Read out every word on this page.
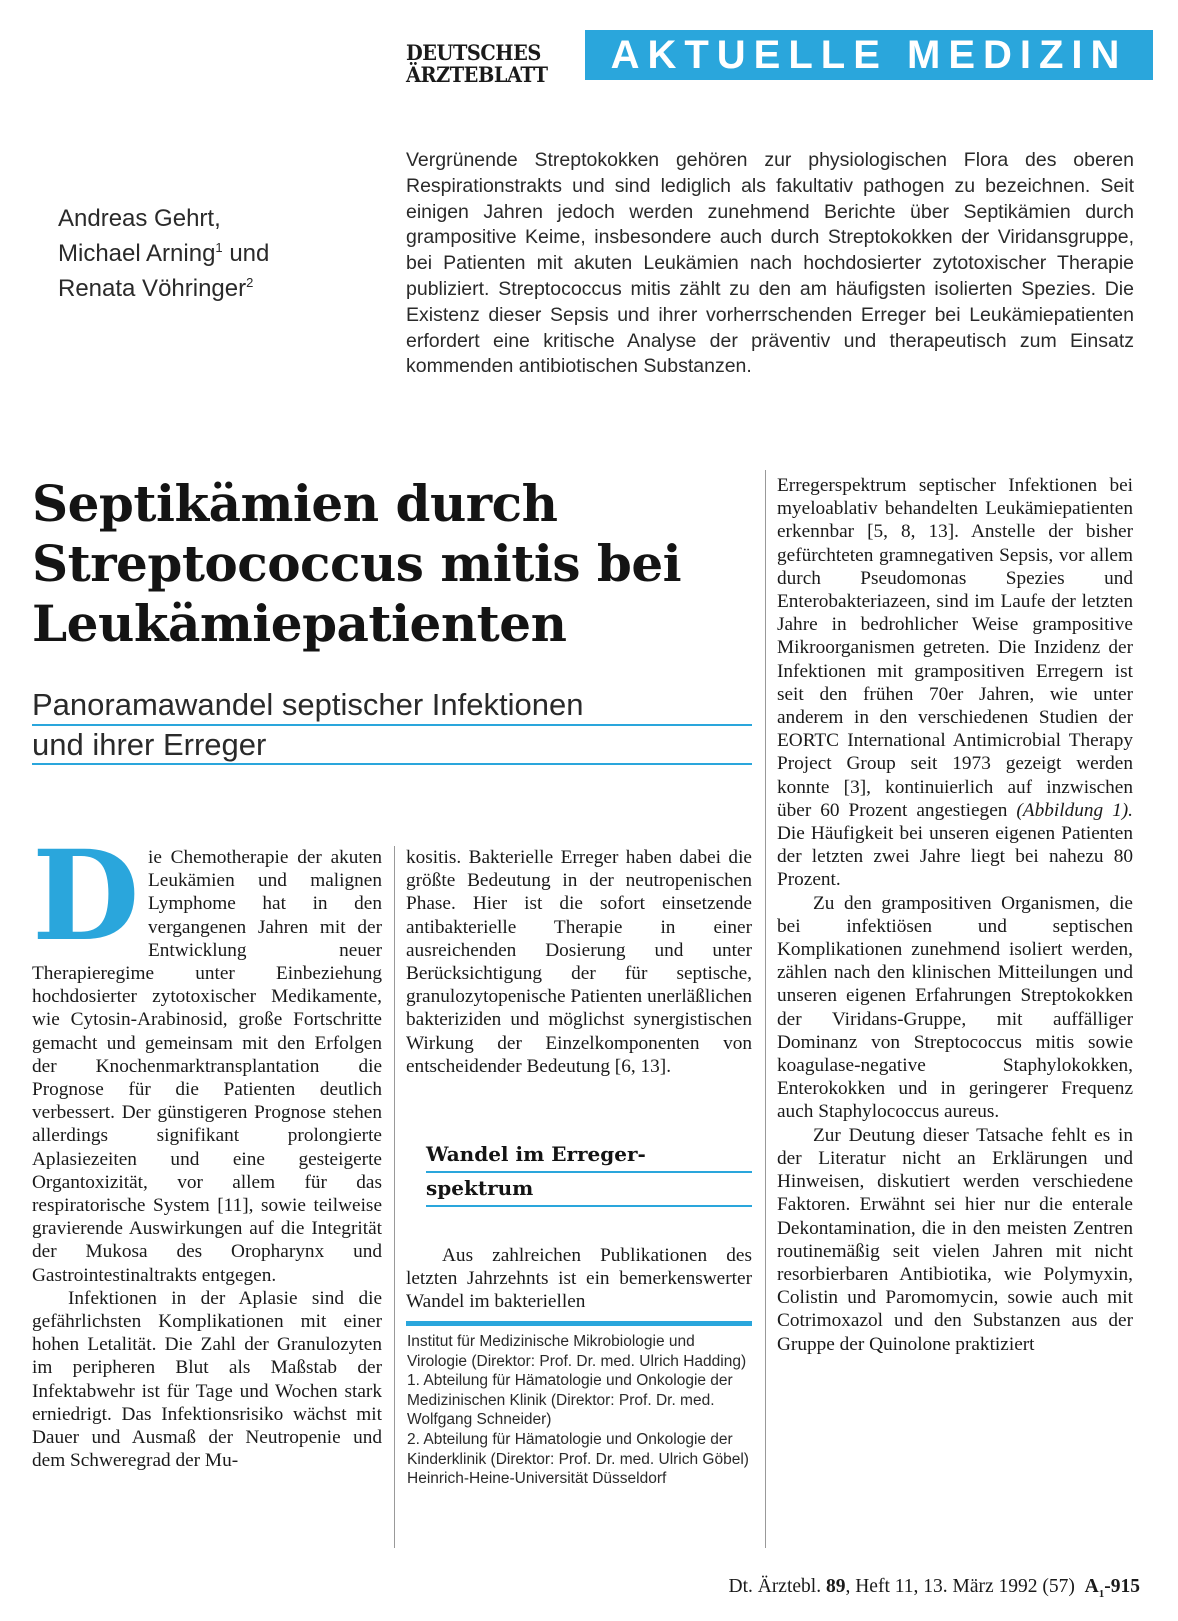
DEUTSCHES
ÄRZTEBLATT	AKTUELLE MEDIZIN
Andreas Gehrt,
Michael Arning$^1$ und
Renata Vöhringer$^2$
Vergrünende Streptokokken gehören zur physiologischen Flora des oberen Respirationstrakts und sind lediglich als fakultativ pathogen zu bezeichnen. Seit einigen Jahren jedoch werden zunehmend Berichte über Septikämien durch grampositive Keime, insbesondere auch durch Streptokokken der Viridansgruppe, bei Patienten mit akuten Leukämien nach hochdosierter zytotoxischer Therapie publiziert. Streptococcus mitis zählt zu den am häufigsten isolierten Spezies. Die Existenz dieser Sepsis und ihrer vorherrschenden Erreger bei Leukämiepatienten erfordert eine kritische Analyse der präventiv und therapeutisch zum Einsatz kommenden antibiotischen Substanzen.
Septikämien durch
Streptococcus mitis bei
Leukämiepatienten
Panoramawandel septischer Infektionen
und ihrer Erreger

Die Chemotherapie der akuten Leukämien und malignen Lymphome hat in den vergangenen Jahren mit der Entwicklung neuer Therapieregime unter Einbeziehung hochdosierter zytotoxischer Medikamente, wie Cytosin-Arabinosid, große Fortschritte gemacht und gemeinsam mit den Erfolgen der Knochenmarktransplantation die Prognose für die Patienten deutlich verbessert. Der günstigeren Prognose stehen allerdings signifikant prolongierte Aplasiezeiten und eine gesteigerte Organtoxizität, vor allem für das respiratorische System [11], sowie teilweise gravierende Auswirkungen auf die Integrität der Mukosa des Oropharynx und Gastrointestinaltrakts entgegen.

Infektionen in der Aplasie sind die gefährlichsten Komplikationen mit einer hohen Letalität. Die Zahl der Granulozyten im peripheren Blut als Maßstab der Infektabwehr ist für Tage und Wochen stark erniedrigt. Das Infektionsrisiko wächst mit Dauer und Ausmaß der Neutropenie und dem Schweregrad der Mu-

kositis. Bakterielle Erreger haben dabei die größte Bedeutung in der neutropenischen Phase. Hier ist die sofort einsetzende antibakterielle Therapie in einer ausreichenden Dosierung und unter Berücksichtigung der für septische, granulozytopenische Patienten unerläßlichen bakteriziden und möglichst synergistischen Wirkung der Einzelkomponenten von entscheidender Bedeutung [6, 13].

Wandel im Erreger-
spektrum
Aus zahlreichen Publikationen des letzten Jahrzehnts ist ein bemerkenswerter Wandel im bakteriellen

Institut für Medizinische Mikrobiologie und Virologie (Direktor: Prof. Dr. med. Ulrich Hadding)

1. Abteilung für Hämatologie und Onkologie der Medizinischen Klinik (Direktor: Prof. Dr. med. Wolfgang Schneider)

2. Abteilung für Hämatologie und Onkologie der Kinderklinik (Direktor: Prof. Dr. med. Ulrich Göbel)

Heinrich-Heine-Universität Düsseldorf

Erregerspektrum septischer Infektionen bei myeloablativ behandelten Leukämiepatienten erkennbar [5, 8, 13]. Anstelle der bisher gefürchteten gramnegativen Sepsis, vor allem durch Pseudomonas Spezies und Enterobakteriazeen, sind im Laufe der letzten Jahre in bedrohlicher Weise grampositive Mikroorganismen getreten. Die Inzidenz der Infektionen mit grampositiven Erregern ist seit den frühen 70er Jahren, wie unter anderem in den verschiedenen Studien der EORTC International Antimicrobial Therapy Project Group seit 1973 gezeigt werden konnte [3], kontinuierlich auf inzwischen über 60 Prozent angestiegen (Abbildung 1). Die Häufigkeit bei unseren eigenen Patienten der letzten zwei Jahre liegt bei nahezu 80 Prozent.

Zu den grampositiven Organismen, die bei infektiösen und septischen Komplikationen zunehmend isoliert werden, zählen nach den klinischen Mitteilungen und unseren eigenen Erfahrungen Streptokokken der Viridans-Gruppe, mit auffälliger Dominanz von Streptococcus mitis sowie koagulase-negative Staphylokokken, Enterokokken und in geringerer Frequenz auch Staphylococcus aureus.

Zur Deutung dieser Tatsache fehlt es in der Literatur nicht an Erklärungen und Hinweisen, diskutiert werden verschiedene Faktoren. Erwähnt sei hier nur die enterale Dekontamination, die in den meisten Zentren routinemäßig seit vielen Jahren mit nicht resorbierbaren Antibiotika, wie Polymyxin, Colistin und Paromomycin, sowie auch mit Cotrimoxazol und den Substanzen aus der Gruppe der Quinolone praktiziert

Dt. Ärztebl. 89, Heft 11, 13. März 1992 (57) $A_1-915$
